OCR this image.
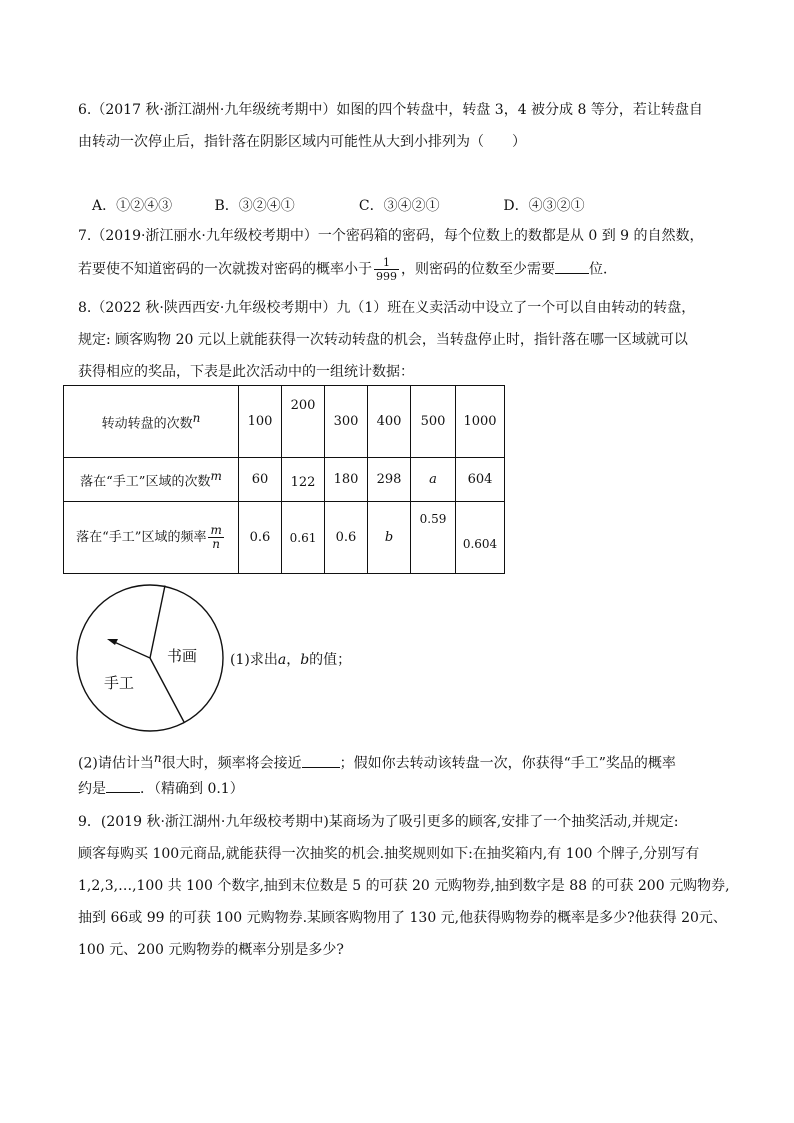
6.（2017 秋·浙江湖州·九年级统考期中）如图的四个转盘中，转盘 3，4 被分成 8 等分，若让转盘自
由转动一次停止后，指针落在阴影区域内可能性从大到小排列为（　　）
A．①②④③	B．③②④①	C．③④②①	D．④③②①
7.（2019·浙江丽水·九年级校考期中）一个密码箱的密码，每个位数上的数都是从 0 到 9 的自然数，
若要使不知道密码的一次就拨对密码的概率小于 $\frac{1}{999}$ ，则密码的位数至少需要 位．
8.（2022 秋·陕西西安·九年级校考期中）九（1）班在义卖活动中设立了一个可以自由转动的转盘，
规定: 顾客购物 20 元以上就能获得一次转动转盘的机会，当转盘停止时，指针落在哪一区域就可以
获得相应的奖品，下表是此次活动中的一组统计数据：
转动转盘的次数n	100	200	300	400	500	1000
落在“手工”区域的次数m	60	122	180	298	a	604
落在“手工”区域的频率 $\frac{m}{n}$	0.6	0.61	0.6	b	0.59	0.604
手工
书画 (1)求出a，b的值；
(2)请估计当n很大时，频率将会接近	；假如你去转动该转盘一次，你获得“手工”奖品的概率
约是 ．（精确到 0.1）
9．(2019 秋·浙江湖州·九年级校考期中)某商场为了吸引更多的顾客,安排了一个抽奖活动,并规定:
顾客每购买 100元商品,就能获得一次抽奖的机会.抽奖规则如下:在抽奖箱内,有 100 个牌子,分别写有
1,2,3,…,100 共 100 个数字,抽到末位数是 5 的可获 20 元购物券,抽到数字是 88 的可获 200 元购物券,
抽到 66或 99 的可获 100 元购物券.某顾客购物用了 130 元,他获得购物券的概率是多少?他获得 20元、
100 元、200 元购物券的概率分别是多少?
